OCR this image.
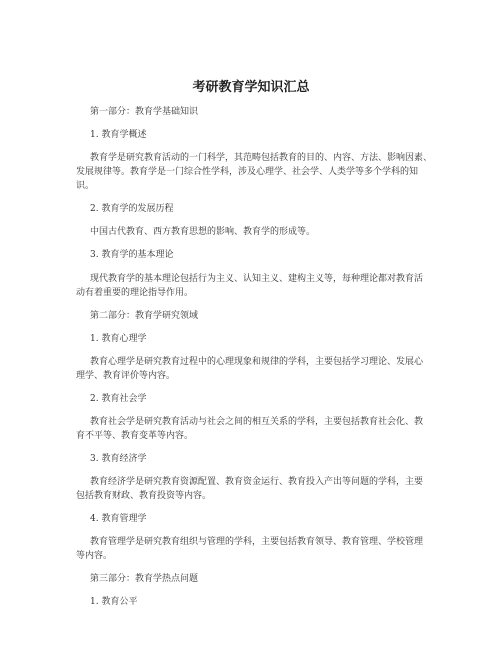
考研教育学知识汇总
第一部分：教育学基础知识
1. 教育学概述
教育学是研究教育活动的一门科学，其范畴包括教育的目的、内容、方法、影响因素、
发展规律等。教育学是一门综合性学科，涉及心理学、社会学、人类学等多个学科的知
识。
2. 教育学的发展历程
中国古代教育、西方教育思想的影响、教育学的形成等。
3. 教育学的基本理论
现代教育学的基本理论包括行为主义、认知主义、建构主义等，每种理论都对教育活
动有着重要的理论指导作用。
第二部分：教育学研究领域
1. 教育心理学
教育心理学是研究教育过程中的心理现象和规律的学科，主要包括学习理论、发展心
理学、教育评价等内容。
2. 教育社会学
教育社会学是研究教育活动与社会之间的相互关系的学科，主要包括教育社会化、教
育不平等、教育变革等内容。
3. 教育经济学
教育经济学是研究教育资源配置、教育资金运行、教育投入产出等问题的学科，主要
包括教育财政、教育投资等内容。
4. 教育管理学
教育管理学是研究教育组织与管理的学科，主要包括教育领导、教育管理、学校管理
等内容。
第三部分：教育学热点问题
1. 教育公平
